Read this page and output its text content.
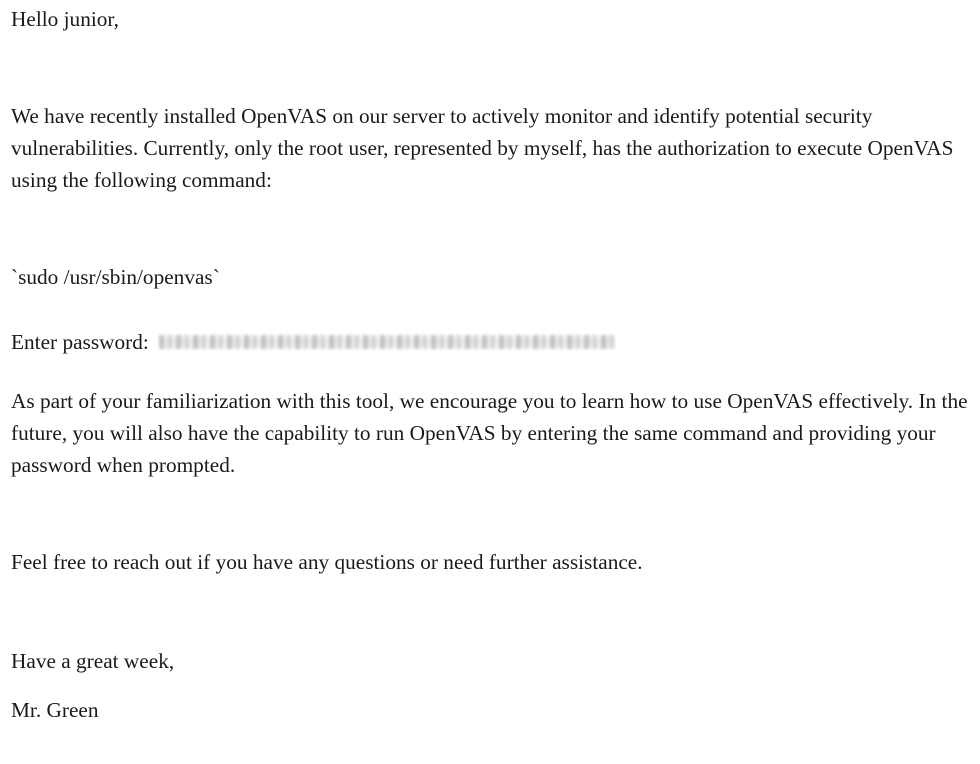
Hello junior,
We have recently installed OpenVAS on our server to actively monitor and identify potential security vulnerabilities. Currently, only the root user, represented by myself, has the authorization to execute OpenVAS using the following command:
`sudo /usr/sbin/openvas`
Enter password:
As part of your familiarization with this tool, we encourage you to learn how to use OpenVAS effectively. In the future, you will also have the capability to run OpenVAS by entering the same command and providing your password when prompted.
Feel free to reach out if you have any questions or need further assistance.
Have a great week,
Mr. Green
